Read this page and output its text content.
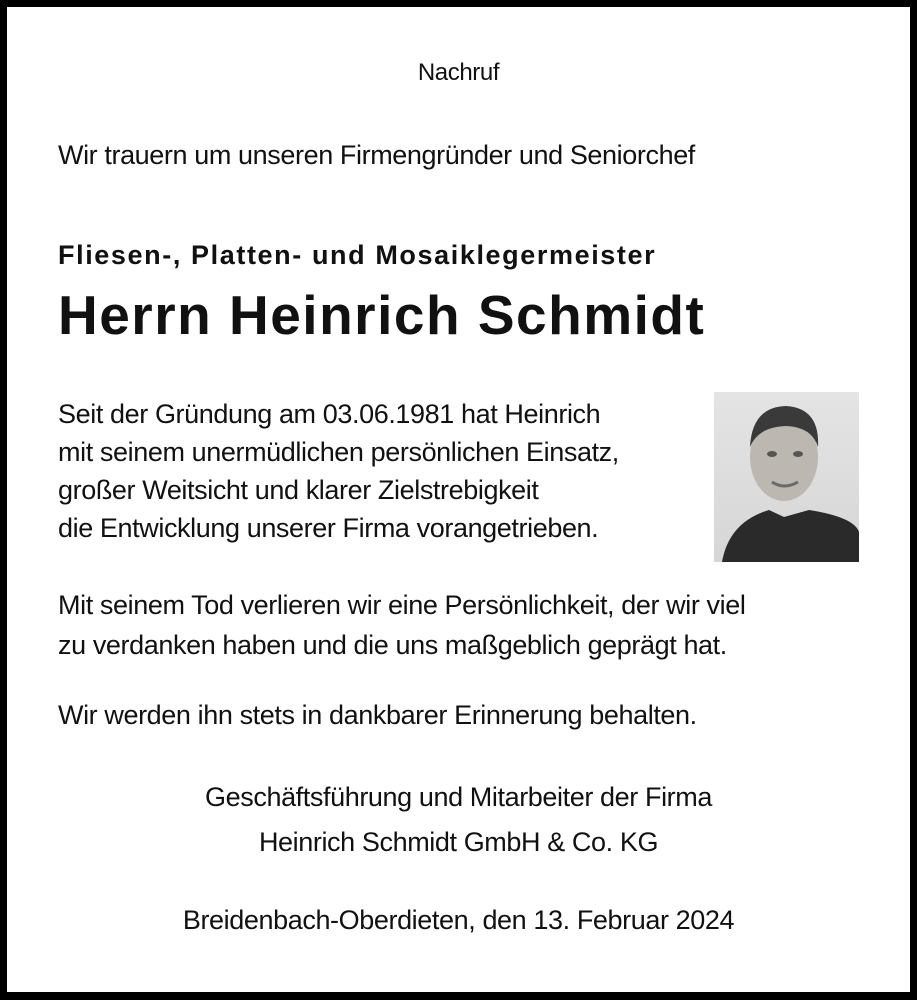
Nachruf
Wir trauern um unseren Firmengründer und Seniorchef
Fliesen-, Platten- und Mosaiklegermeister
Herrn Heinrich Schmidt
Seit der Gründung am 03.06.1981 hat Heinrich
mit seinem unermüdlichen persönlichen Einsatz,
großer Weitsicht und klarer Zielstrebigkeit
die Entwicklung unserer Firma vorangetrieben.
Mit seinem Tod verlieren wir eine Persönlichkeit, der wir viel
zu verdanken haben und die uns maßgeblich geprägt hat.
Wir werden ihn stets in dankbarer Erinnerung behalten.
Geschäftsführung und Mitarbeiter der Firma
Heinrich Schmidt GmbH & Co. KG
Breidenbach-Oberdieten, den 13. Februar 2024
